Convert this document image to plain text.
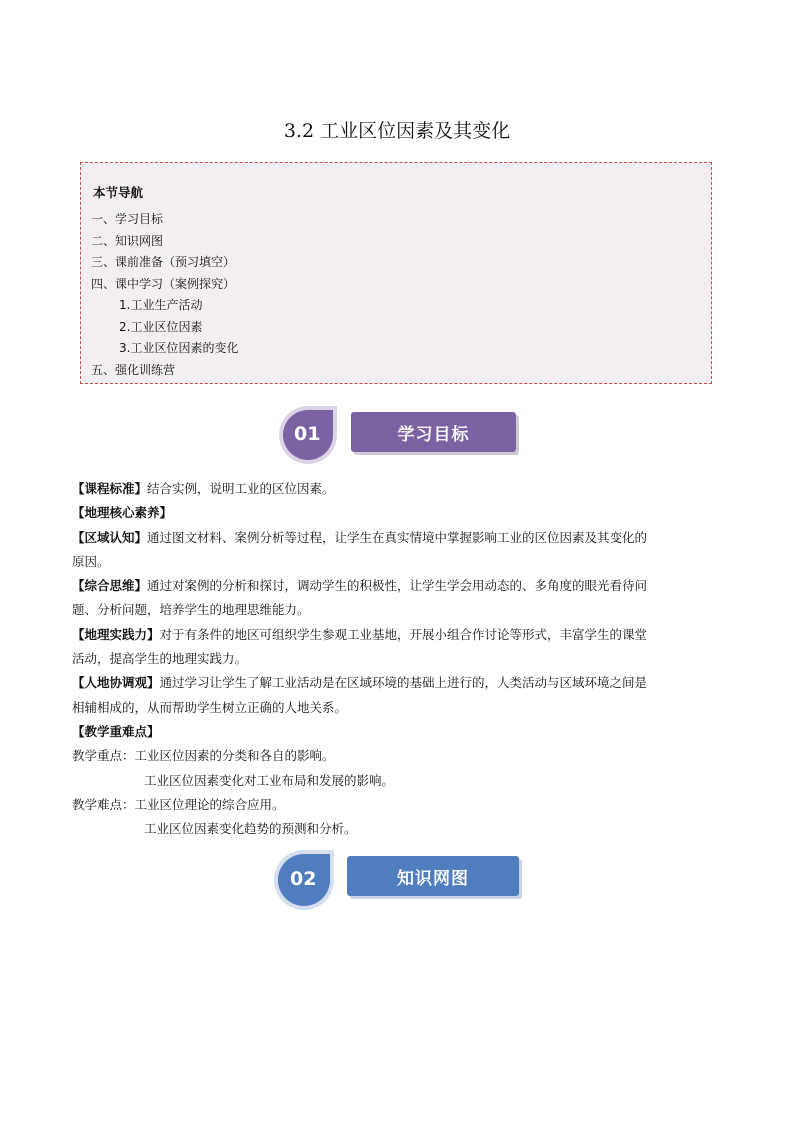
3.2 工业区位因素及其变化
本节导航
一、学习目标
二、知识网图
三、课前准备（预习填空）
四、课中学习（案例探究）
1.工业生产活动
2.工业区位因素
3.工业区位因素的变化
五、强化训练营
01	学习目标

【课程标准】结合实例，说明工业的区位因素。

【地理核心素养】

【区域认知】通过图文材料、案例分析等过程，让学生在真实情境中掌握影响工业的区位因素及其变化的

原因。

【综合思维】通过对案例的分析和探讨，调动学生的积极性，让学生学会用动态的、多角度的眼光看待问

题、分析问题，培养学生的地理思维能力。

【地理实践力】对于有条件的地区可组织学生参观工业基地，开展小组合作讨论等形式，丰富学生的课堂

活动，提高学生的地理实践力。

【人地协调观】通过学习让学生了解工业活动是在区域环境的基础上进行的，人类活动与区域环境之间是

相辅相成的，从而帮助学生树立正确的人地关系。

【教学重难点】

教学重点：工业区位因素的分类和各自的影响。

工业区位因素变化对工业布局和发展的影响。

教学难点：工业区位理论的综合应用。

工业区位因素变化趋势的预测和分析。

02	知识网图
